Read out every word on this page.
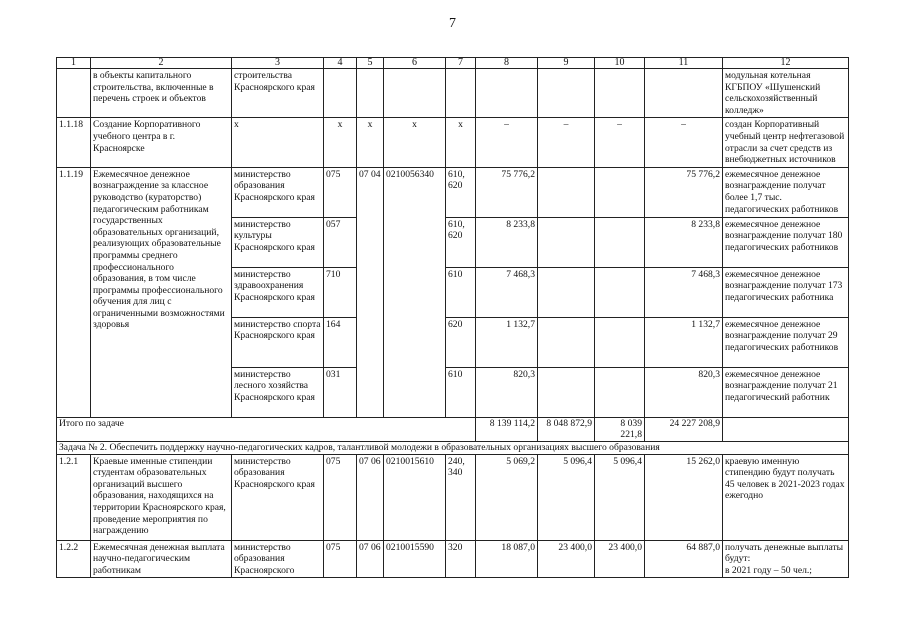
7
1	2	3	4	5	6	7	8	9	10	11	12
	в объекты капитального строительства, включенные в перечень строек и объектов	строительства Красноярского края									модульная котельная КГБПОУ «Шушенский сельскохозяйственный колледж»
1.1.18	Создание Корпоративного учебного центра в г. Красноярске	х	х	х	х	х	–	–	–	–	создан Корпоративный учебный центр нефтегазовой отрасли за счет средств из внебюджетных источников
1.1.19	Ежемесячное денежное вознаграждение за классное руководство (кураторство) педагогическим работникам государственных образовательных организаций, реализующих образовательные программы среднего профессионального образования, в том числе программы профессионального обучения для лиц с ограниченными возможностями здоровья	министерство образования Красноярского края	075	07 04	0210056340	610, 620	75 776,2			75 776,2	ежемесячное денежное вознаграждение получат более 1,7 тыс. педагогических работников
		министерство культуры Красноярского края	057			610, 620	8 233,8			8 233,8	ежемесячное денежное вознаграждение получат 180 педагогических работников
		министерство здравоохранения Красноярского края	710			610	7 468,3			7 468,3	ежемесячное денежное вознаграждение получат 173 педагогических работника
		министерство спорта Красноярского края	164			620	1 132,7			1 132,7	ежемесячное денежное вознаграждение получат 29 педагогических работников
		министерство лесного хозяйства Красноярского края	031			610	820,3			820,3	ежемесячное денежное вознаграждение получат 21 педагогический работник
Итого по задаче							8 139 114,2	8 048 872,9	8 039 221,8	24 227 208,9	
Задача № 2. Обеспечить поддержку научно-педагогических кадров, талантливой молодежи в образовательных организациях высшего образования											
1.2.1	Краевые именные стипендии студентам образовательных организаций высшего образования, находящихся на территории Красноярского края, проведение мероприятия по награждению	министерство образования Красноярского края	075	07 06	0210015610	240, 340	5 069,2	5 096,4	5 096,4	15 262,0	краевую именную стипендию будут получать 45 человек в 2021-2023 годах ежегодно
1.2.2	Ежемесячная денежная выплата научно-педагогическим работникам	министерство образования Красноярского	075	07 06	0210015590	320	18 087,0	23 400,0	23 400,0	64 887,0	получать денежные выплаты будут:
в 2021 году – 50 чел.;
